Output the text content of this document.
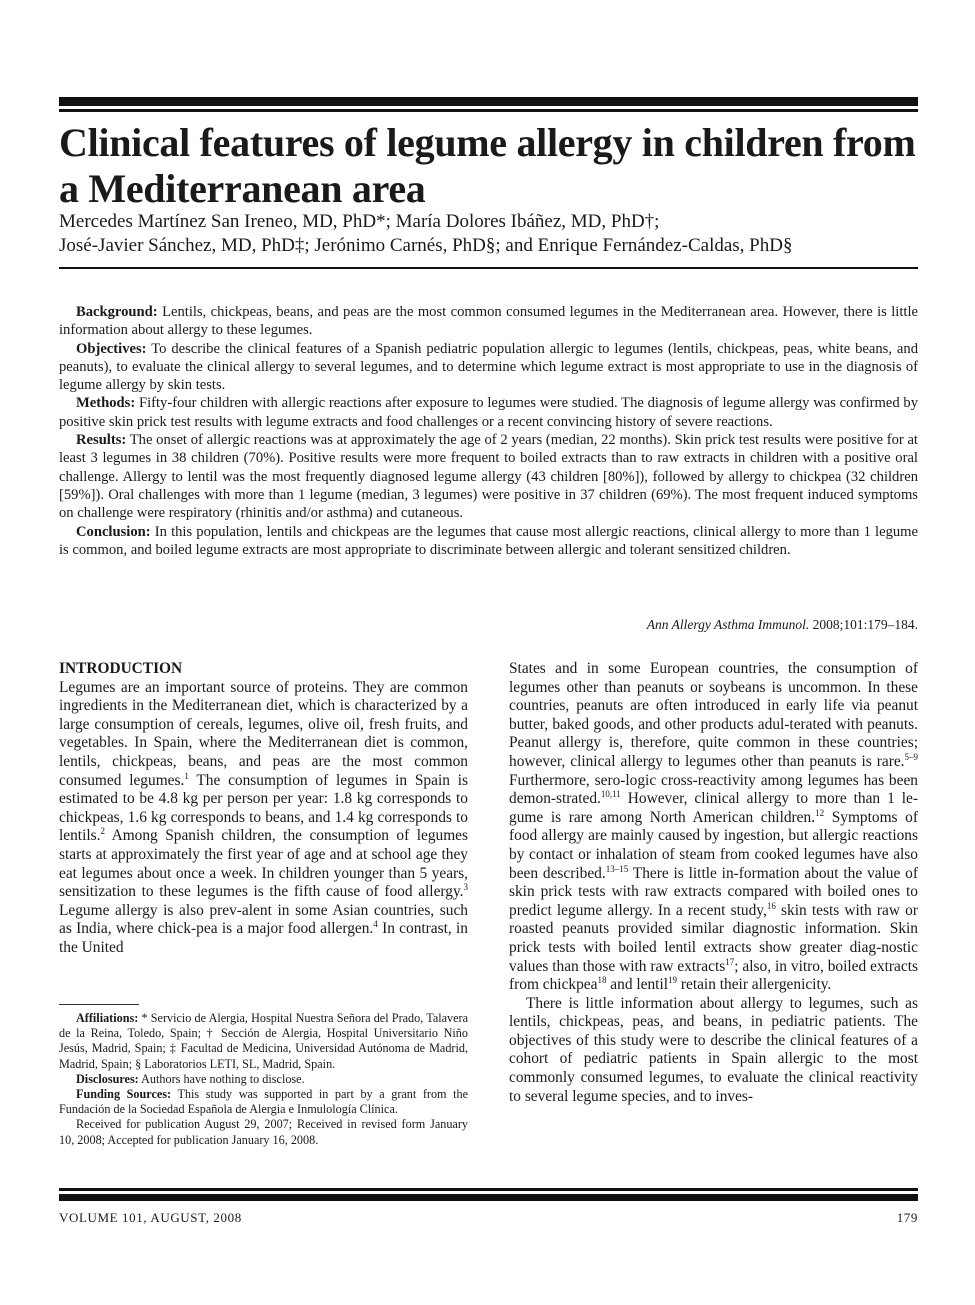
Clinical features of legume allergy in children from a Mediterranean area
Mercedes Martínez San Ireneo, MD, PhD*; María Dolores Ibáñez, MD, PhD†;
José-Javier Sánchez, MD, PhD‡; Jerónimo Carnés, PhD§; and Enrique Fernández-Caldas, PhD§

Background: Lentils, chickpeas, beans, and peas are the most common consumed legumes in the Mediterranean area. However, there is little information about allergy to these legumes.

Objectives: To describe the clinical features of a Spanish pediatric population allergic to legumes (lentils, chickpeas, peas, white beans, and peanuts), to evaluate the clinical allergy to several legumes, and to determine which legume extract is most appropriate to use in the diagnosis of legume allergy by skin tests.

Methods: Fifty-four children with allergic reactions after exposure to legumes were studied. The diagnosis of legume allergy was confirmed by positive skin prick test results with legume extracts and food challenges or a recent convincing history of severe reactions.

Results: The onset of allergic reactions was at approximately the age of 2 years (median, 22 months). Skin prick test results were positive for at least 3 legumes in 38 children (70%). Positive results were more frequent to boiled extracts than to raw extracts in children with a positive oral challenge. Allergy to lentil was the most frequently diagnosed legume allergy (43 children [80%]), followed by allergy to chickpea (32 children [59%]). Oral challenges with more than 1 legume (median, 3 legumes) were positive in 37 children (69%). The most frequent induced symptoms on challenge were respiratory (rhinitis and/or asthma) and cutaneous.

Conclusion: In this population, lentils and chickpeas are the legumes that cause most allergic reactions, clinical allergy to more than 1 legume is common, and boiled legume extracts are most appropriate to discriminate between allergic and tolerant sensitized children.

Ann Allergy Asthma Immunol. 2008;101:179–184.

INTRODUCTION

Legumes are an important source of proteins. They are common ingredients in the Mediterranean diet, which is characterized by a large consumption of cereals, legumes, olive oil, fresh fruits, and vegetables. In Spain, where the Mediterranean diet is common, lentils, chickpeas, beans, and peas are the most common consumed legumes.$^1$ The consumption of legumes in Spain is estimated to be 4.8 kg per person per year: 1.8 kg corresponds to chickpeas, 1.6 kg corresponds to beans, and 1.4 kg corresponds to lentils.$^2$ Among Spanish children, the consumption of legumes starts at approximately the first year of age and at school age they eat legumes about once a week. In children younger than 5 years, sensitization to these legumes is the fifth cause of food allergy.$^3$ Legume allergy is also prev-alent in some Asian countries, such as India, where chick-pea is a major food allergen.$^4$ In contrast, in the United

Affiliations: * Servicio de Alergia, Hospital Nuestra Señora del Prado, Talavera de la Reina, Toledo, Spain; † Sección de Alergia, Hospital Universitario Niño Jesús, Madrid, Spain; ‡ Facultad de Medicina, Universidad Autónoma de Madrid, Madrid, Spain; § Laboratorios LETI, SL, Madrid, Spain.

Disclosures: Authors have nothing to disclose.

Funding Sources: This study was supported in part by a grant from the Fundación de la Sociedad Española de Alergia e Inmulología Clínica.

Received for publication August 29, 2007; Received in revised form January 10, 2008; Accepted for publication January 16, 2008.

States and in some European countries, the consumption of legumes other than peanuts or soybeans is uncommon. In these countries, peanuts are often introduced in early life via peanut butter, baked goods, and other products adul-terated with peanuts. Peanut allergy is, therefore, quite common in these countries; however, clinical allergy to legumes other than peanuts is rare.$^{5-9}$ Furthermore, sero-logic cross-reactivity among legumes has been demon-strated.$^{10,11}$ However, clinical allergy to more than 1 le-gume is rare among North American children.$^{12}$ Symptoms of food allergy are mainly caused by ingestion, but allergic reactions by contact or inhalation of steam from cooked legumes have also been described.$^{13-15}$ There is little in-formation about the value of skin prick tests with raw extracts compared with boiled ones to predict legume allergy. In a recent study,$^{16}$ skin tests with raw or roasted peanuts provided similar diagnostic information. Skin prick tests with boiled lentil extracts show greater diag-nostic values than those with raw extracts$^{17}$; also, in vitro, boiled extracts from chickpea$^{18}$ and lentil$^{19}$ retain their allergenicity.

There is little information about allergy to legumes, such as lentils, chickpeas, peas, and beans, in pediatric patients. The objectives of this study were to describe the clinical features of a cohort of pediatric patients in Spain allergic to the most commonly consumed legumes, to evaluate the clinical reactivity to several legume species, and to inves-

VOLUME 101, AUGUST, 2008	179
